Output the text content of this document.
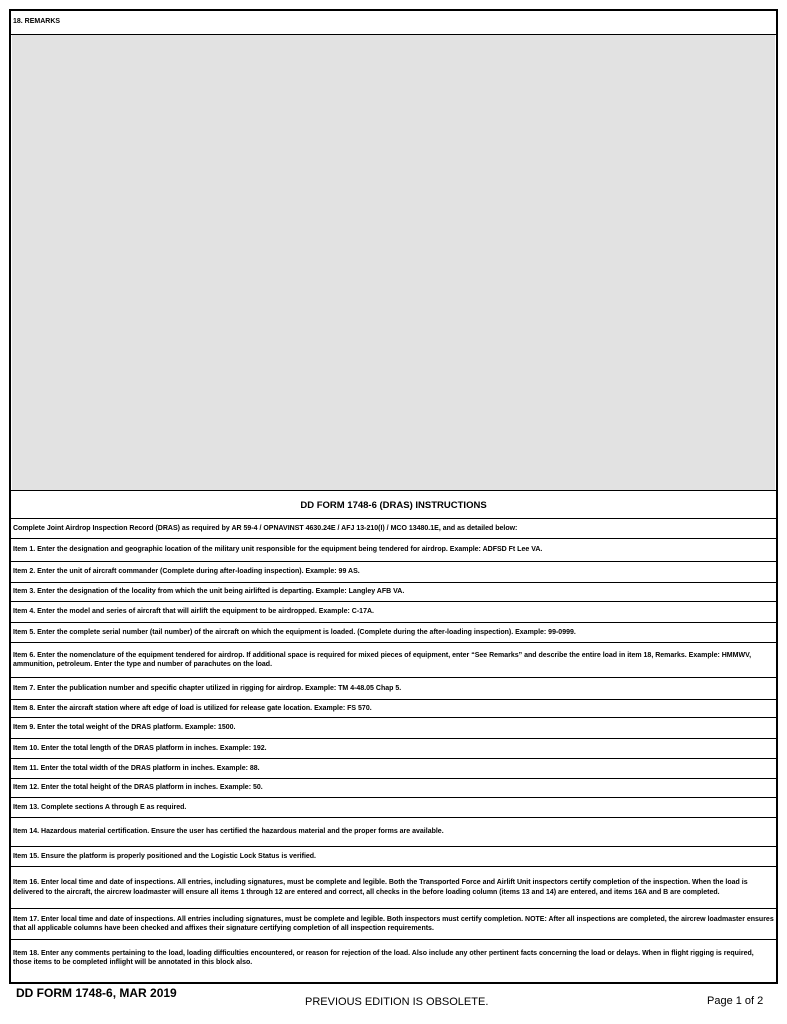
18. REMARKS
DD FORM 1748-6 (DRAS) INSTRUCTIONS
Complete Joint Airdrop Inspection Record (DRAS) as required by AR 59-4 / OPNAVINST 4630.24E / AFJ 13-210(I) / MCO 13480.1E, and as detailed below:
Item 1. Enter the designation and geographic location of the military unit responsible for the equipment being tendered for airdrop. Example: ADFSD Ft Lee VA.
Item 2. Enter the unit of aircraft commander (Complete during after-loading inspection). Example: 99 AS.
Item 3. Enter the designation of the locality from which the unit being airlifted is departing. Example: Langley AFB VA.
Item 4. Enter the model and series of aircraft that will airlift the equipment to be airdropped. Example: C-17A.
Item 5. Enter the complete serial number (tail number) of the aircraft on which the equipment is loaded. (Complete during the after-loading inspection). Example: 99-0999.
Item 6. Enter the nomenclature of the equipment tendered for airdrop. If additional space is required for mixed pieces of equipment, enter “See Remarks” and describe the entire load in item 18, Remarks. Example: HMMWV, ammunition, petroleum. Enter the type and number of parachutes on the load.
Item 7. Enter the publication number and specific chapter utilized in rigging for airdrop. Example: TM 4-48.05 Chap 5.
Item 8. Enter the aircraft station where aft edge of load is utilized for release gate location. Example: FS 570.
Item 9. Enter the total weight of the DRAS platform. Example: 1500.
Item 10. Enter the total length of the DRAS platform in inches. Example: 192.
Item 11. Enter the total width of the DRAS platform in inches. Example: 88.
Item 12. Enter the total height of the DRAS platform in inches. Example: 50.
Item 13. Complete sections A through E as required.
Item 14. Hazardous material certification. Ensure the user has certified the hazardous material and the proper forms are available.
Item 15. Ensure the platform is properly positioned and the Logistic Lock Status is verified.
Item 16. Enter local time and date of inspections. All entries, including signatures, must be complete and legible. Both the Transported Force and Airlift Unit inspectors certify completion of the inspection. When the load is delivered to the aircraft, the aircrew loadmaster will ensure all items 1 through 12 are entered and correct, all checks in the before loading column (items 13 and 14) are entered, and items 16A and B are completed.
Item 17. Enter local time and date of inspections. All entries including signatures, must be complete and legible. Both inspectors must certify completion. NOTE: After all inspections are completed, the aircrew loadmaster ensures that all applicable columns have been checked and affixes their signature certifying completion of all inspection requirements.
Item 18. Enter any comments pertaining to the load, loading difficulties encountered, or reason for rejection of the load. Also include any other pertinent facts concerning the load or delays. When in flight rigging is required, those items to be completed inflight will be annotated in this block also.
DD FORM 1748-6, MAR 2019
PREVIOUS EDITION IS OBSOLETE.	Page 1 of 2
